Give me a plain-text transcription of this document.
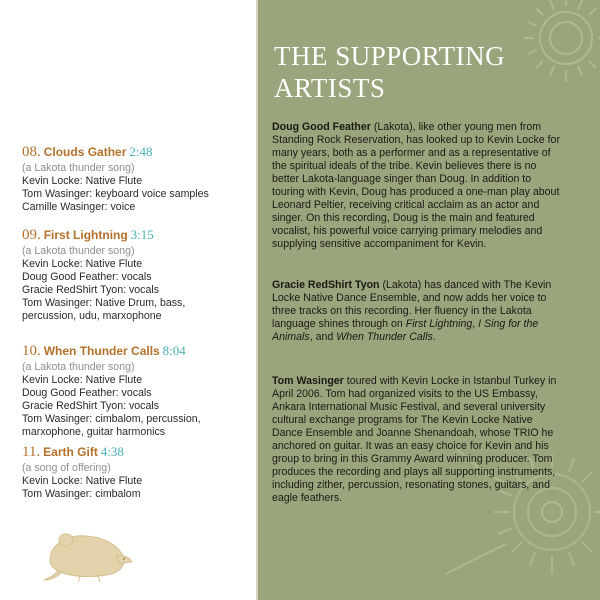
08. Clouds Gather 2:48
(a Lakota thunder song)
Kevin Locke: Native Flute
Tom Wasinger: keyboard voice samples
Camille Wasinger: voice
09. First Lightning 3:15
(a Lakota thunder song)
Kevin Locke: Native Flute
Doug Good Feather: vocals
Gracie RedShirt Tyon: vocals
Tom Wasinger: Native Drum, bass,
percussion, udu, marxophone
10. When Thunder Calls 8:04
(a Lakota thunder song)
Kevin Locke: Native Flute
Doug Good Feather: vocals
Gracie RedShirt Tyon: vocals
Tom Wasinger: cimbalom, percussion,
marxophone, guitar harmonics
11. Earth Gift 4:38
(a song of offering)
Kevin Locke: Native Flute
Tom Wasinger: cimbalom
THE SUPPORTING
ARTISTS
Doug Good Feather (Lakota), like other young men from
Standing Rock Reservation, has looked up to Kevin Locke for
many years, both as a performer and as a representative of
the spiritual ideals of the tribe. Kevin believes there is no
better Lakota-language singer than Doug. In addition to
touring with Kevin, Doug has produced a one-man play about
Leonard Peltier, receiving critical acclaim as an actor and
singer. On this recording, Doug is the main and featured
vocalist, his powerful voice carrying primary melodies and
supplying sensitive accompaniment for Kevin.
Gracie RedShirt Tyon (Lakota) has danced with The Kevin
Locke Native Dance Ensemble, and now adds her voice to
three tracks on this recording. Her fluency in the Lakota
language shines through on First Lightning, I Sing for the
Animals, and When Thunder Calls.
Tom Wasinger toured with Kevin Locke in Istanbul Turkey in
April 2006. Tom had organized visits to the US Embassy,
Ankara International Music Festival, and several university
cultural exchange programs for The Kevin Locke Native
Dance Ensemble and Joanne Shenandoah, whose TRIO he
anchored on guitar. It was an easy choice for Kevin and his
group to bring in this Grammy Award winning producer. Tom
produces the recording and plays all supporting instruments,
including zither, percussion, resonating stones, guitars, and
eagle feathers.
